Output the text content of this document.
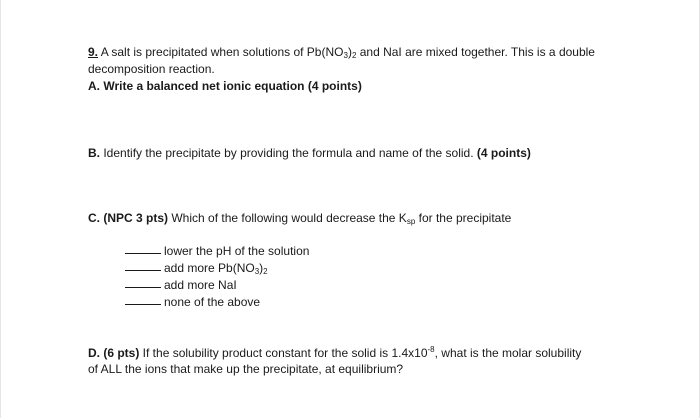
9. A salt is precipitated when solutions of $Pb(NO_3)_2$ and NaI are mixed together. This is a double
decomposition reaction.
A. Write a balanced net ionic equation (4 points)
B. Identify the precipitate by providing the formula and name of the solid. (4 points)
C. (NPC 3 pts) Which of the following would decrease the $K_{sp}$ for the precipitate
lower the pH of the solution
add more $Pb(NO_3)_2$
add more NaI
none of the above
D. (6 pts) If the solubility product constant for the solid is $1.4x10^{-8}$, what is the molar solubility
of ALL the ions that make up the precipitate, at equilibrium?
